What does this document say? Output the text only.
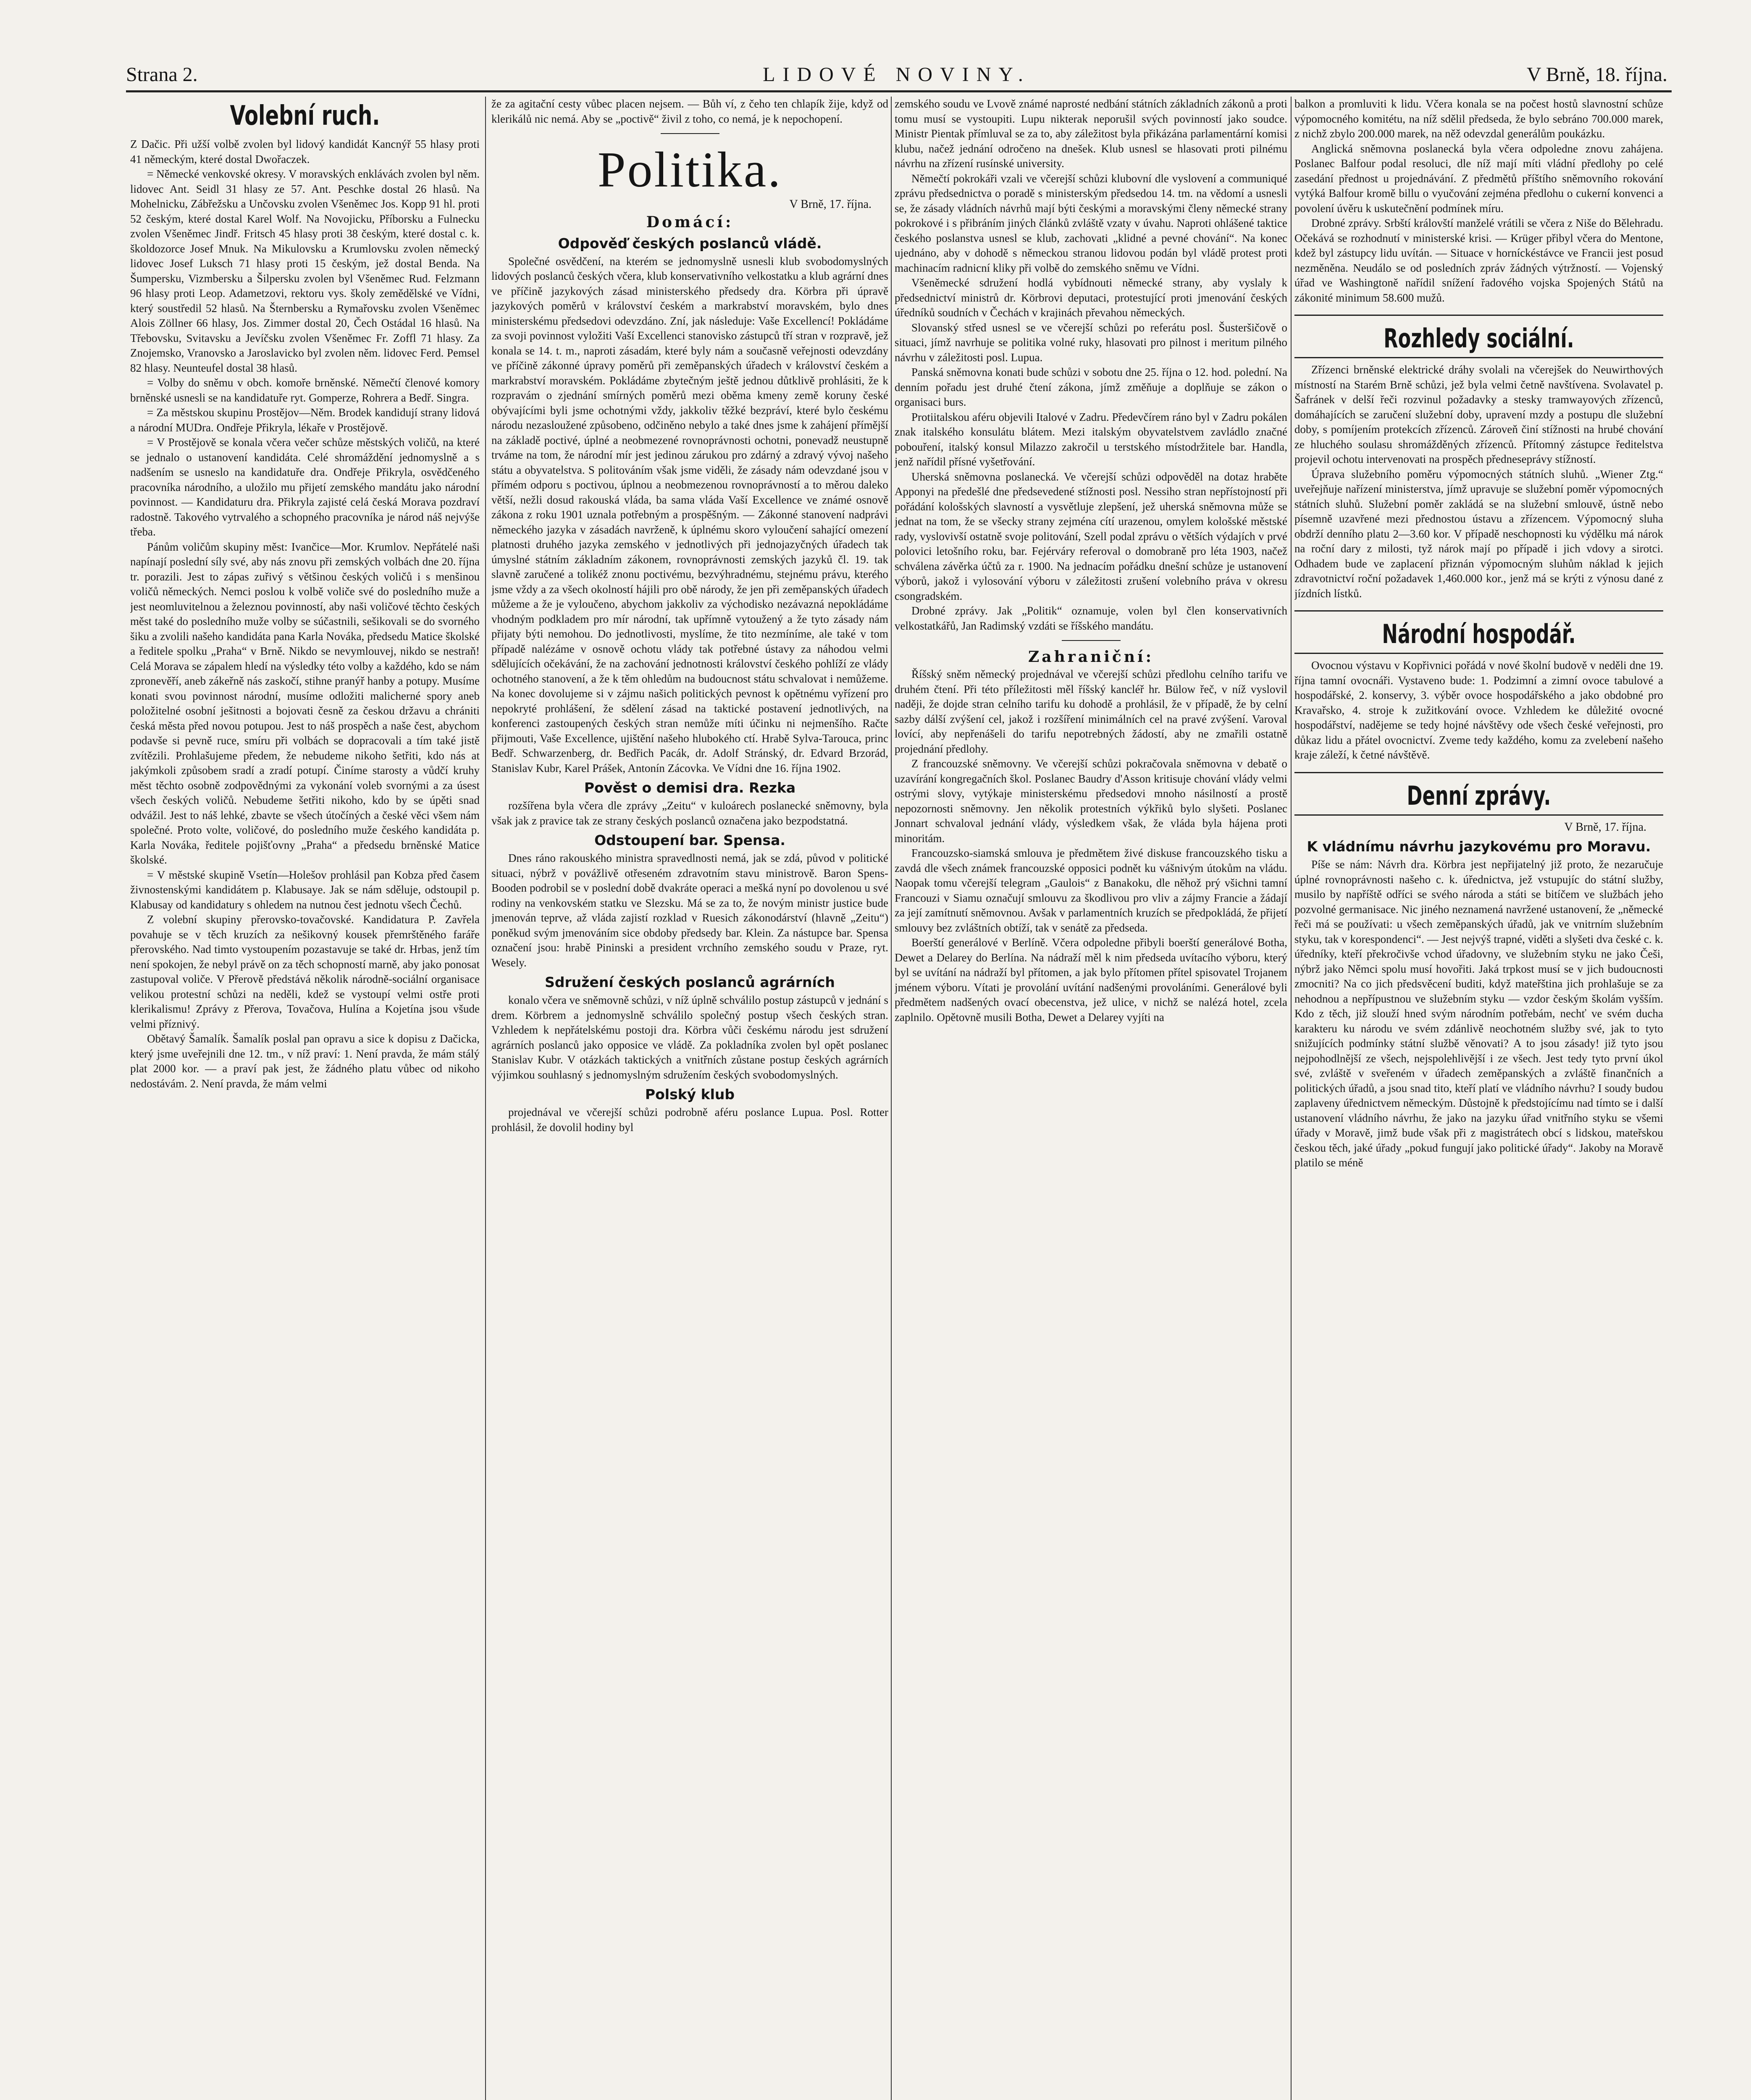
Strana 2.	LIDOVÉ NOVINY.	V Brně, 18. října.
Volební ruch.

Z Dačic. Při užší volbě zvolen byl lidový kandidát Kancnýř 55 hlasy proti 41 německým, které dostal Dwořaczek.

= Německé venkovské okresy. V moravských enklávách zvolen byl něm. lidovec Ant. Seidl 31 hlasy ze 57. Ant. Peschke dostal 26 hlasů. Na Mohelnicku, Zábřežsku a Unčovsku zvolen Všeněmec Jos. Kopp 91 hl. proti 52 českým, které dostal Karel Wolf. Na Novojicku, Příborsku a Fulnecku zvolen Všeněmec Jindř. Fritsch 45 hlasy proti 38 českým, které dostal c. k. školdozorce Josef Mnuk. Na Mikulovsku a Krumlovsku zvolen německý lidovec Josef Luksch 71 hlasy proti 15 českým, jež dostal Benda. Na Šumpersku, Vizmbersku a Šilpersku zvolen byl Všeněmec Rud. Felzmann 96 hlasy proti Leop. Adametzovi, rektoru vys. školy zemědělské ve Vídni, který soustředil 52 hlasů. Na Šternbersku a Rymařovsku zvolen Všeněmec Alois Zöllner 66 hlasy, Jos. Zimmer dostal 20, Čech Ostádal 16 hlasů. Na Třebovsku, Svitavsku a Jevíčsku zvolen Všeněmec Fr. Zoffl 71 hlasy. Za Znojemsko, Vranovsko a Jaroslavicko byl zvolen něm. lidovec Ferd. Pemsel 82 hlasy. Neunteufel dostal 38 hlasů.

= Volby do sněmu v obch. komoře brněnské. Němečtí členové komory brněnské usnesli se na kandidatuře ryt. Gomperze, Rohrera a Bedř. Singra.

= Za městskou skupinu Prostějov—Něm. Brodek kandidují strany lidová a národní MUDra. Ondřeje Přikryla, lékaře v Prostějově.

= V Prostějově se konala včera večer schůze městských voličů, na které se jednalo o ustanovení kandidáta. Celé shromáždění jednomyslně a s nadšením se usneslo na kandidatuře dra. Ondřeje Přikryla, osvědčeného pracovníka národního, a uložilo mu přijetí zemského mandátu jako národní povinnost. — Kandidaturu dra. Přikryla zajisté celá česká Morava pozdraví radostně. Takového vytrvalého a schopného pracovníka je národ náš nejvýše třeba.

Pánům voličům skupiny měst: Ivančice—Mor. Krumlov. Nepřátelé naši napínají poslední síly své, aby nás znovu při zemských volbách dne 20. října tr. porazili. Jest to zápas zuřivý s většinou českých voličů i s menšinou voličů německých. Nemci poslou k volbě voliče své do posledního muže a jest neomluvitelnou a železnou povinností, aby naši voličové těchto českých měst také do posledního muže volby se súčastnili, sešikovali se do svorného šiku a zvolili našeho kandidáta pana Karla Nováka, předsedu Matice školské a ředitele spolku „Praha“ v Brně. Nikdo se nevymlouvej, nikdo se nestraň! Celá Morava se zápalem hledí na výsledky této volby a každého, kdo se nám zpronevěří, aneb zákeřně nás zaskočí, stihne pranýř hanby a potupy. Musíme konati svou povinnost národní, musíme odložiti malicherné spory aneb položitelné osobní ješitnosti a bojovati česně za českou državu a chrániti česká města před novou potupou. Jest to náš prospěch a naše čest, abychom podavše si pevně ruce, smíru při volbách se dopracovali a tím také jistě zvítězili. Prohlašujeme předem, že nebudeme nikoho šetřiti, kdo nás at jakýmkoli způsobem sradí a zradí potupí. Činíme starosty a vůdčí kruhy měst těchto osobně zodpovědnými za vykonání voleb svornými a za úsest všech českých voličů. Nebudeme šetřiti nikoho, kdo by se úpěti snad odvážil. Jest to náš lehké, zbavte se všech útočíných a české věci všem nám společné. Proto volte, voličové, do posledního muže českého kandidáta p. Karla Nováka, ředitele pojišťovny „Praha“ a předsedu brněnské Matice školské.

= V městské skupině Vsetín—Holešov prohlásil pan Kobza před časem živnostenskými kandidátem p. Klabusaye. Jak se nám sděluje, odstoupil p. Klabusay od kandidatury s ohledem na nutnou čest jednotu všech Čechů.

Z volební skupiny přerovsko-tovačovské. Kandidatura P. Zavřela povahuje se v těch kruzích za nešikovný kousek přemrštěného faráře přerovského. Nad timto vystoupením pozastavuje se také dr. Hrbas, jenž tím není spokojen, že nebyl právě on za těch schopností marně, aby jako ponosat zastupoval voliče. V Přerově předstává několik národně-sociální organisace velikou protestní schůzi na neděli, kdež se vystoupí velmi ostře proti klerikalismu! Zprávy z Přerova, Tovačova, Hulína a Kojetína jsou všude velmi příznivý.

Obětavý Šamalík. Šamalík poslal pan opravu a sice k dopisu z Dačicka, který jsme uveřejnili dne 12. tm., v níž praví: 1. Není pravda, že mám stálý plat 2000 kor. — a praví pak jest, že žádného platu vůbec od nikoho nedostávám. 2. Není pravda, že mám velmi

že za agitační cesty vůbec placen nejsem. — Bůh ví, z čeho ten chlapík žije, když od klerikálů nic nemá. Aby se „poctivě“ živil z toho, co nemá, je k nepochopení.

Politika.
V Brně, 17. října.
Domácí:
Odpověď českých poslanců vládě.

Společné osvědčení, na kterém se jednomyslně usnesli klub svobodomyslných lidových poslanců českých včera, klub konservativního velkostatku a klub agrární dnes ve příčině jazykových zásad ministerského předsedy dra. Körbra při úpravě jazykových poměrů v království českém a markrabství moravském, bylo dnes ministerskému předsedovi odevzdáno. Zní, jak následuje: Vaše Excellencí! Pokládáme za svoji povinnost vyložiti Vaší Excellenci stanovisko zástupců tří stran v rozpravě, jež konala se 14. t. m., naproti zásadám, které byly nám a současně veřejnosti odevzdány ve příčině zákonné úpravy poměrů při zeměpanských úřadech v království českém a markrabství moravském. Pokládáme zbytečným ještě jednou důtklivě prohlásiti, že k rozpravám o zjednání smírných poměrů mezi oběma kmeny země koruny české obývajícími byli jsme ochotnými vždy, jakkoliv těžké bezpráví, které bylo českému národu nezasloužené způsobeno, odčiněno nebylo a také dnes jsme k zahájení přímější na základě poctivé, úplné a neobmezené rovnoprávnosti ochotni, ponevadž neustupně trváme na tom, že národní mír jest jedinou zárukou pro zdárný a zdravý vývoj našeho státu a obyvatelstva. S politováním však jsme viděli, že zásady nám odevzdané jsou v přímém odporu s poctivou, úplnou a neobmezenou rovnoprávností a to měrou daleko větší, nežli dosud rakouská vláda, ba sama vláda Vaší Excellence ve známé osnově zákona z roku 1901 uznala potřebným a prospěšným. — Zákonné stanovení nadprávi německého jazyka v zásadách navrženě, k úplnému skoro vyloučení sahající omezení platnosti druhého jazyka zemského v jednotlivých při jednojazyčných úřadech tak úmyslné státním základním zákonem, rovnoprávnosti zemských jazyků čl. 19. tak slavně zaručené a tolikéž znonu poctivému, bezvýhradnému, stejnému právu, kterého jsme vždy a za všech okolností hájili pro obě národy, že jen při zeměpanských úřadech můžeme a že je vyloučeno, abychom jakkoliv za východisko nezávazná nepokládáme vhodným podkladem pro mír národní, tak upřímně vytoužený a že tyto zásady nám přijaty býti nemohou. Do jednotlivosti, myslíme, že tito nezmíníme, ale také v tom případě nalézáme v osnově ochotu vlády tak potřebné ústavy za náhodou velmi sdělujících očekávání, že na zachování jednotnosti království českého pohlíží ze vlády ochotného stanovení, a že k těm ohledům na budoucnost státu schvalovat i nemůžeme. Na konec dovolujeme si v zájmu našich politických pevnost k opětnému vyřízení pro nepokryté prohlášení, že sdělení zásad na taktické postavení jednotlivých, na konferenci zastoupených českých stran nemůže míti účinku ni nejmenšího. Račte přijmouti, Vaše Excellence, ujištění našeho hlubokého ctí. Hrabě Sylva-Tarouca, princ Bedř. Schwarzenberg, dr. Bedřich Pacák, dr. Adolf Stránský, dr. Edvard Brzorád, Stanislav Kubr, Karel Prášek, Antonín Zácovka. Ve Vídni dne 16. října 1902.

Pověst o demisi dra. Rezka

rozšířena byla včera dle zprávy „Zeitu“ v kuloárech poslanecké sněmovny, byla však jak z pravice tak ze strany českých poslanců označena jako bezpodstatná.

Odstoupení bar. Spensa.

Dnes ráno rakouského ministra spravedlnosti nemá, jak se zdá, původ v politické situaci, nýbrž v povážlivě otřeseném zdravotním stavu ministrově. Baron Spens-Booden podrobil se v poslední době dvakráte operaci a mešká nyní po dovolenou u své rodiny na venkovském statku ve Slezsku. Má se za to, že novým ministr justice bude jmenován teprve, až vláda zajistí rozklad v Ruesich zákonodárství (hlavně „Zeitu“) poněkud svým jmenováním sice obdoby předsedy bar. Klein. Za nástupce bar. Spensa označení jsou: hrabě Pininski a president vrchního zemského soudu v Praze, ryt. Wesely.

Sdružení českých poslanců agrárních

konalo včera ve sněmovně schůzi, v níž úplně schválilo postup zástupců v jednání s drem. Körbrem a jednomyslně schválilo společný postup všech českých stran. Vzhledem k nepřátelskému postoji dra. Körbra vůči českému národu jest sdružení agrárních poslanců jako opposice ve vládě. Za pokladníka zvolen byl opět poslanec Stanislav Kubr. V otázkách taktických a vnitřních zůstane postup českých agrárních výjimkou souhlasný s jednomyslným sdružením českých svobodomyslných.

Polský klub

projednával ve včerejší schůzi podrobně aféru poslance Lupua. Posl. Rotter prohlásil, že dovolil hodiny byl

zemského soudu ve Lvově známé naprosté nedbání státních základních zákonů a proti tomu musí se vystoupiti. Lupu nikterak neporušil svých povinností jako soudce. Ministr Pientak přímluval se za to, aby záležitost byla přikázána parlamentární komisi klubu, načež jednání odročeno na dnešek. Klub usnesl se hlasovati proti pilnému návrhu na zřízení rusínské university.

Němečtí pokrokáři vzali ve včerejší schůzi klubovní dle vyslovení a communiqué zprávu předsednictva o poradě s ministerským předsedou 14. tm. na vědomí a usnesli se, že zásady vládních návrhů mají býti českými a moravskými členy německé strany pokrokové i s přibráním jiných článků zvláště vzaty v úvahu. Naproti ohlášené taktice českého poslanstva usnesl se klub, zachovati „klidné a pevné chování“. Na konec ujednáno, aby v dohodě s německou stranou lidovou podán byl vládě protest proti machinacím radnicní kliky při volbě do zemského sněmu ve Vídni.

Všeněmecké sdružení hodlá vybídnouti německé strany, aby vyslaly k předsednictví ministrů dr. Körbrovi deputaci, protestující proti jmenování českých úředníků soudních v Čechách v krajinách převahou německých.

Slovanský střed usnesl se ve včerejší schůzi po referátu posl. Šusteršičově o situaci, jímž navrhuje se politika volné ruky, hlasovati pro pilnost i meritum pilného návrhu v záležitosti posl. Lupua.

Panská sněmovna konati bude schůzi v sobotu dne 25. října o 12. hod. polední. Na denním pořadu jest druhé čtení zákona, jímž změňuje a doplňuje se zákon o organisaci burs.

Protiitalskou aféru objevili Italové v Zadru. Předevčírem ráno byl v Zadru pokálen znak italského konsulátu blátem. Mezi italským obyvatelstvem zavládlo značné pobouření, italský konsul Milazzo zakročil u terstského místodržitele bar. Handla, jenž nařídil přísné vyšetřování.

Uherská sněmovna poslanecká. Ve včerejší schůzi odpověděl na dotaz hraběte Apponyi na předešlé dne předsevedené stížnosti posl. Nessiho stran nepřístojností při pořádání kološských slavností a vysvětluje zlepšení, jež uherská sněmovna může se jednat na tom, že se všecky strany zejména cítí urazenou, omylem kološské městské rady, vyslovivší ostatně svoje politování, Szell podal zprávu o větších výdajích v prvé polovici letošního roku, bar. Fejérváry referoval o domobraně pro léta 1903, načež schválena závěrka účtů za r. 1900. Na jednacím pořádku dnešní schůze je ustanovení výborů, jakož i vylosování výboru v záležitosti zrušení volebního práva v okresu csongradském.

Drobné zprávy. Jak „Politik“ oznamuje, volen byl člen konservativních velkostatkářů, Jan Radimský vzdáti se říšského mandátu.

Zahraniční:

Říšský sněm německý projednával ve včerejší schůzi předlohu celního tarifu ve druhém čtení. Při této příležitosti měl říšský kancléř hr. Bülow řeč, v níž vyslovil naději, že dojde stran celního tarifu ku dohodě a prohlásil, že v případě, že by celní sazby dálší zvýšení cel, jakož i rozšíření minimálních cel na pravé zvýšení. Varoval lovící, aby nepřenášeli do tarifu nepotrebných žádostí, aby ne zmařili ostatně projednání předlohy.

Z francouzské sněmovny. Ve včerejší schůzi pokračovala sněmovna v debatě o uzavírání kongregačních škol. Poslanec Baudry d'Asson kritisuje chování vlády velmi ostrými slovy, vytýkaje ministerskému předsedovi mnoho násilností a prostě nepozornosti sněmovny. Jen několik protestních výkřiků bylo slyšeti. Poslanec Jonnart schvaloval jednání vlády, výsledkem však, že vláda byla hájena proti minoritám.

Francouzsko-siamská smlouva je předmětem živé diskuse francouzského tisku a zavdá dle všech známek francouzské opposici podnět ku vášnivým útokům na vládu. Naopak tomu včerejší telegram „Gaulois“ z Banakoku, dle něhož prý všichni tamní Francouzi v Siamu označují smlouvu za škodlivou pro vliv a zájmy Francie a žádají za její zamítnutí sněmovnou. Avšak v parlamentních kruzích se předpokládá, že přijetí smlouvy bez zvláštních obtíží, tak v senátě za předseda.

Boerští generálové v Berlíně. Včera odpoledne přibyli boerští generálové Botha, Dewet a Delarey do Berlína. Na nádraží měl k nim předseda uvítacího výboru, který byl se uvítání na nádraží byl přítomen, a jak bylo přítomen přítel spisovatel Trojanem jménem výboru. Vítati je provolání uvítání nadšenými provoláními. Generálové byli předmětem nadšených ovací obecenstva, jež ulice, v nichž se nalézá hotel, zcela zaplnilo. Opětovně musili Botha, Dewet a Delarey vyjíti na

balkon a promluviti k lidu. Včera konala se na počest hostů slavnostní schůze výpomocného komitétu, na níž sdělil předseda, že bylo sebráno 700.000 marek, z nichž zbylo 200.000 marek, na něž odevzdal generálům poukázku.

Anglická sněmovna poslanecká byla včera odpoledne znovu zahájena. Poslanec Balfour podal resoluci, dle níž mají míti vládní předlohy po celé zasedání přednost u projednávání. Z předmětů příštího sněmovního rokování vytýká Balfour kromě billu o vyučování zejména předlohu o cukerní konvenci a povolení úvěru k uskutečnění podmínek míru.

Drobné zprávy. Srbští královští manželé vrátili se včera z Niše do Bělehradu. Očekává se rozhodnutí v ministerské krisi. — Krüger přibyl včera do Mentone, kdež byl zástupcy lidu uvítán. — Situace v horníckéstávce ve Francii jest posud nezměněna. Neudálo se od posledních zpráv žádných výtržností. — Vojenský úřad ve Washingtoně nařídil snížení řadového vojska Spojených Států na zákonité minimum 58.600 mužů.

Rozhledy sociální.

Zřízenci brněnské elektrické dráhy svolali na včerejšek do Neuwirthových místností na Starém Brně schůzi, jež byla velmi četně navštívena. Svolavatel p. Šafránek v delší řeči rozvinul požadavky a stesky tramwayových zřízenců, domáhajících se zaručení služební doby, upravení mzdy a postupu dle služební doby, s pomíjením protekcích zřízenců. Zároveň činí stížnosti na hrubé chování ze hluchého soulasu shromážděných zřízenců. Přítomný zástupce ředitelstva projevil ochotu intervenovati na prospěch předneseprávy stížností.

Úprava služebního poměru výpomocných státních sluhů. „Wiener Ztg.“ uveřejňuje nařízení ministerstva, jímž upravuje se služební poměr výpomocných státních sluhů. Služební poměr zakládá se na služební smlouvě, ústně nebo písemně uzavřené mezi přednostou ústavu a zřízencem. Výpomocný sluha obdrží denního platu 2—3.60 kor. V případě neschopnosti ku výdělku má nárok na roční dary z milosti, tyž nárok mají po případě i jich vdovy a sirotci. Odhadem bude ve zaplacení přiznán výpomocným sluhům náklad k jejich zdravotnictví roční požadavek 1,460.000 kor., jenž má se krýti z výnosu dané z jízdních lístků.

Národní hospodář.

Ovocnou výstavu v Kopřivnici pořádá v nové školní budově v neděli dne 19. října tamní ovocnáři. Vystaveno bude: 1. Podzimní a zimní ovoce tabulové a hospodářské, 2. konservy, 3. výběr ovoce hospodářského a jako obdobné pro Kravařsko, 4. stroje k zužitkování ovoce. Vzhledem ke důležité ovocné hospodářství, nadějeme se tedy hojné návštěvy ode všech české veřejnosti, pro důkaz lidu a přátel ovocnictví. Zveme tedy každého, komu za zvelebení našeho kraje záleží, k četné návštěvě.

Denní zprávy.
V Brně, 17. října.
K vládnímu návrhu jazykovému pro Moravu.

Píše se nám: Návrh dra. Körbra jest nepřijatelný již proto, že nezaručuje úplné rovnoprávnosti našeho c. k. úřednictva, jež vstupujíc do státní služby, musilo by napříště odříci se svého národa a státi se bitíčem ve službách jeho pozvolné germanisace. Nic jiného neznamená navržené ustanovení, že „německé řeči má se používati: u všech zeměpanských úřadů, jak ve vnitrním služebním styku, tak v korespondenci“. — Jest nejvýš trapné, viděti a slyšeti dva české c. k. úředníky, kteří překročivše vchod úřadovny, ve služebním styku ne jako Češi, nýbrž jako Němci spolu musí hovořiti. Jaká trpkost musí se v jich budoucnosti zmocniti? Na co jich předsvěcení buditi, když mateřština jich prohlašuje se za nehodnou a nepřípustnou ve služebním styku — vzdor českým školám vyšším. Kdo z těch, již slouží hned svým národním potřebám, nechť ve svém ducha karakteru ku národu ve svém zdánlivě neochotném služby své, jak to tyto snižujících podmínky státní službě věnovati? A to jsou zásady! již tyto jsou nejpohodlnější ze všech, nejspolehlivější i ze všech. Jest tedy tyto první úkol své, zvláště v sveřeném v úřadech zeměpanských a zvláště finančních a politických úřadů, a jsou snad tito, kteří platí ve vládního návrhu? I soudy budou zaplaveny úřednictvem německým. Důstojně k předstojícímu nad tímto se i další ustanovení vládního návrhu, že jako na jazyku úřad vnitřního styku se všemi úřady v Moravě, jimž bude však při z magistrátech obcí s lidskou, mateřskou českou těch, jaké úřady „pokud fungují jako politické úřady“. Jakoby na Moravě platilo se méně
